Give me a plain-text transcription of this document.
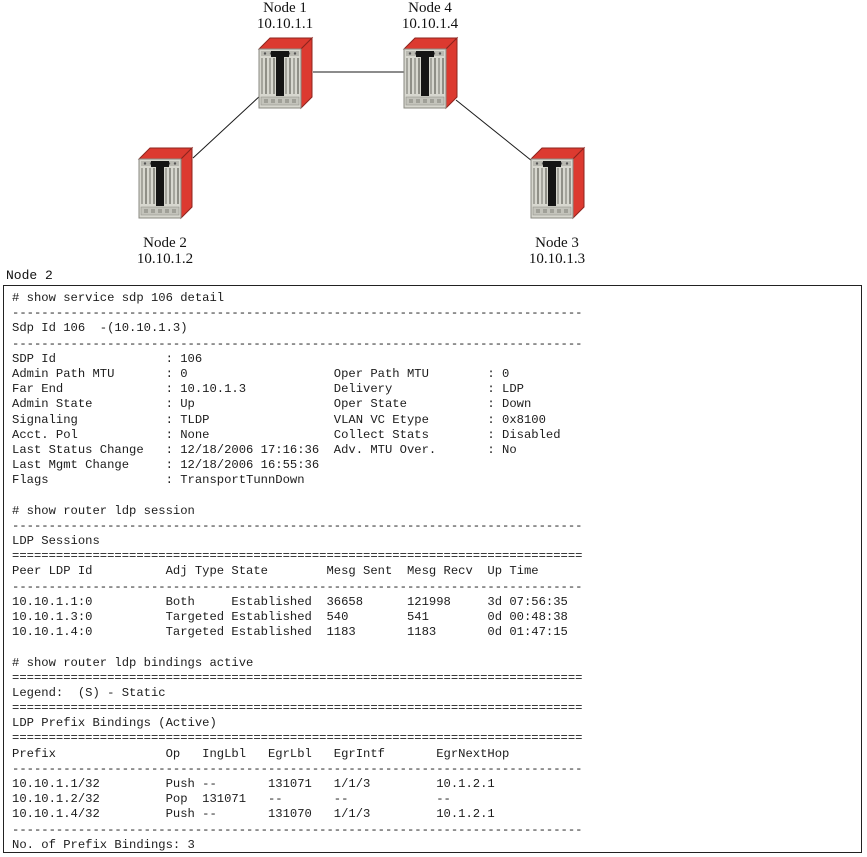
Node 1
10.10.1.1
Node 4
10.10.1.4
Node 2
10.10.1.2
Node 3
10.10.1.3
Node 2
# show service sdp 106 detail
------------------------------------------------------------------------------
Sdp Id 106  -(10.10.1.3)
------------------------------------------------------------------------------
SDP Id               : 106
Admin Path MTU       : 0                    Oper Path MTU        : 0
Far End              : 10.10.1.3            Delivery             : LDP
Admin State          : Up                   Oper State           : Down
Signaling            : TLDP                 VLAN VC Etype        : 0x8100
Acct. Pol            : None                 Collect Stats        : Disabled
Last Status Change   : 12/18/2006 17:16:36  Adv. MTU Over.       : No
Last Mgmt Change     : 12/18/2006 16:55:36
Flags                : TransportTunnDown

# show router ldp session
------------------------------------------------------------------------------
LDP Sessions
==============================================================================
Peer LDP Id          Adj Type State        Mesg Sent  Mesg Recv  Up Time
------------------------------------------------------------------------------
10.10.1.1:0          Both     Established  36658      121998     3d 07:56:35
10.10.1.3:0          Targeted Established  540        541        0d 00:48:38
10.10.1.4:0          Targeted Established  1183       1183       0d 01:47:15

# show router ldp bindings active
==============================================================================
Legend:  (S) - Static
==============================================================================
LDP Prefix Bindings (Active)
==============================================================================
Prefix               Op   IngLbl   EgrLbl   EgrIntf       EgrNextHop
------------------------------------------------------------------------------
10.10.1.1/32         Push --       131071   1/1/3         10.1.2.1
10.10.1.2/32         Pop  131071   --       --            --
10.10.1.4/32         Push --       131070   1/1/3         10.1.2.1
------------------------------------------------------------------------------
No. of Prefix Bindings: 3
